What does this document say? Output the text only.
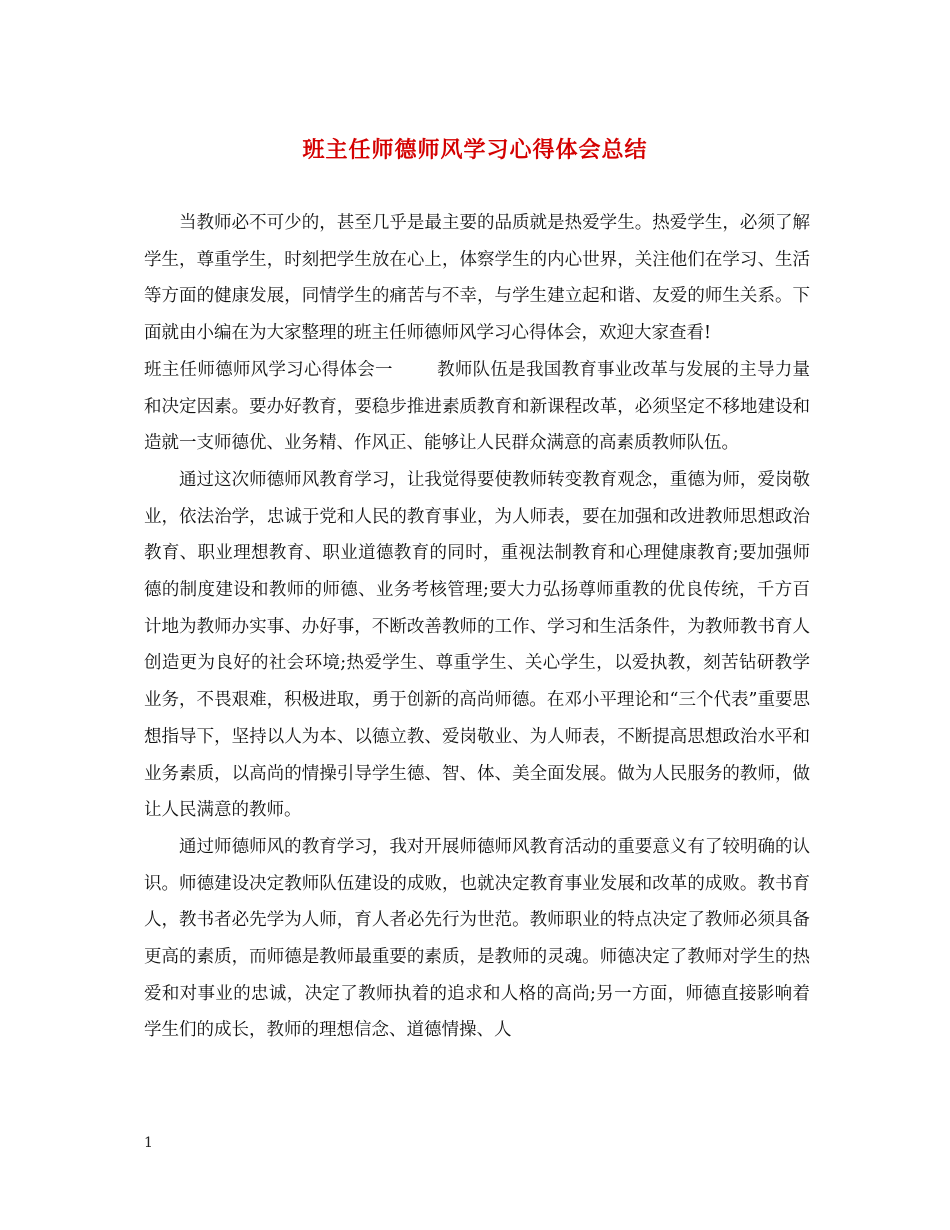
班主任师德师风学习心得体会总结

当教师必不可少的，甚至几乎是最主要的品质就是热爱学生。热爱学生，必须了解学生，尊重学生，时刻把学生放在心上，体察学生的内心世界，关注他们在学习、生活等方面的健康发展，同情学生的痛苦与不幸，与学生建立起和谐、友爱的师生关系。下面就由小编在为大家整理的班主任师德师风学习心得体会，欢迎大家查看!

班主任师德师风学习心得体会一	教师队伍是我国教育事业改革与发展的主导力量和决定因素。要办好教育，要稳步推进素质教育和新课程改革，必须坚定不移地建设和造就一支师德优、业务精、作风正、能够让人民群众满意的高素质教师队伍。

通过这次师德师风教育学习，让我觉得要使教师转变教育观念，重德为师，爱岗敬业，依法治学，忠诚于党和人民的教育事业，为人师表，要在加强和改进教师思想政治教育、职业理想教育、职业道德教育的同时，重视法制教育和心理健康教育;要加强师德的制度建设和教师的师德、业务考核管理;要大力弘扬尊师重教的优良传统，千方百计地为教师办实事、办好事，不断改善教师的工作、学习和生活条件，为教师教书育人创造更为良好的社会环境;热爱学生、尊重学生、关心学生，以爱执教，刻苦钻研教学业务，不畏艰难，积极进取，勇于创新的高尚师德。在邓小平理论和“三个代表”重要思想指导下，坚持以人为本、以德立教、爱岗敬业、为人师表，不断提高思想政治水平和业务素质，以高尚的情操引导学生德、智、体、美全面发展。做为人民服务的教师，做让人民满意的教师。

通过师德师风的教育学习，我对开展师德师风教育活动的重要意义有了较明确的认识。师德建设决定教师队伍建设的成败，也就决定教育事业发展和改革的成败。教书育人，教书者必先学为人师，育人者必先行为世范。教师职业的特点决定了教师必须具备更高的素质，而师德是教师最重要的素质，是教师的灵魂。师德决定了教师对学生的热爱和对事业的忠诚，决定了教师执着的追求和人格的高尚;另一方面，师德直接影响着学生们的成长，教师的理想信念、道德情操、人

1
